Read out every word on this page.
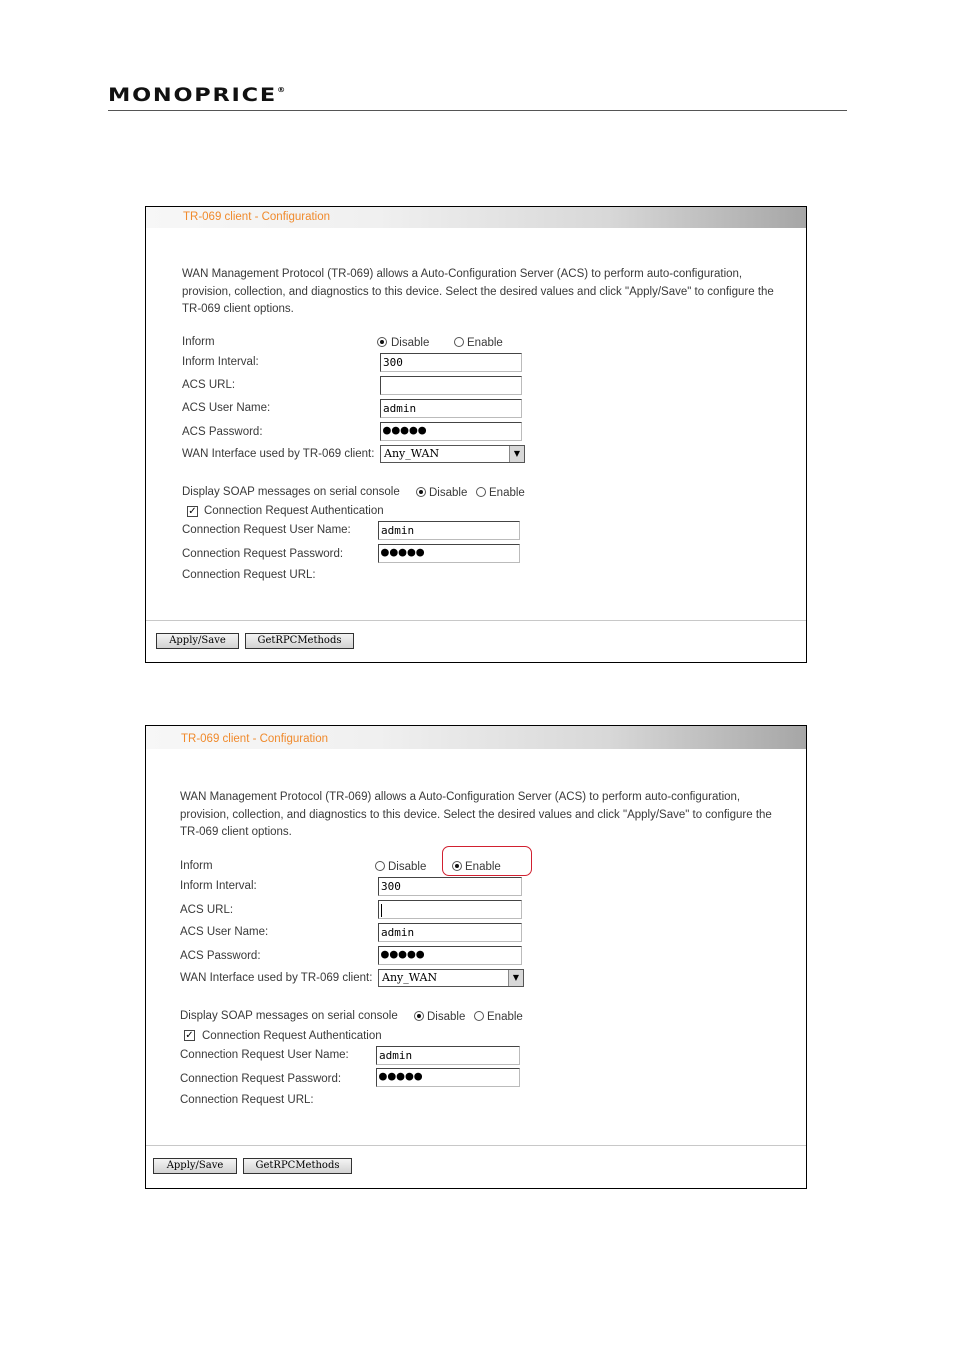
MONOPRICE®
TR-069 client - Configuration
WAN Management Protocol (TR-069) allows a Auto-Configuration Server (ACS) to perform auto-configuration, provision, collection, and diagnostics to this device. Select the desired values and click "Apply/Save" to configure the TR-069 client options.
Inform	Disable	Enable
Inform Interval:	300
ACS URL:
ACS User Name:	admin
ACS Password:	●●●●●
WAN Interface used by TR-069 client: Any_WAN	▼
Display SOAP messages on serial console	Disable Enable
✓ Connection Request Authentication
Connection Request User Name:	admin
Connection Request Password:	●●●●●
Connection Request URL:
Apply/Save	GetRPCMethods
TR-069 client - Configuration
WAN Management Protocol (TR-069) allows a Auto-Configuration Server (ACS) to perform auto-configuration, provision, collection, and diagnostics to this device. Select the desired values and click "Apply/Save" to configure the TR-069 client options.
Inform	Disable	Enable
Inform Interval:	300
ACS URL:
ACS User Name:	admin
ACS Password:	●●●●●
WAN Interface used by TR-069 client: Any_WAN	▼
Display SOAP messages on serial console	Disable Enable
✓ Connection Request Authentication
Connection Request User Name:	admin
Connection Request Password:	●●●●●
Connection Request URL:
Apply/Save	GetRPCMethods
